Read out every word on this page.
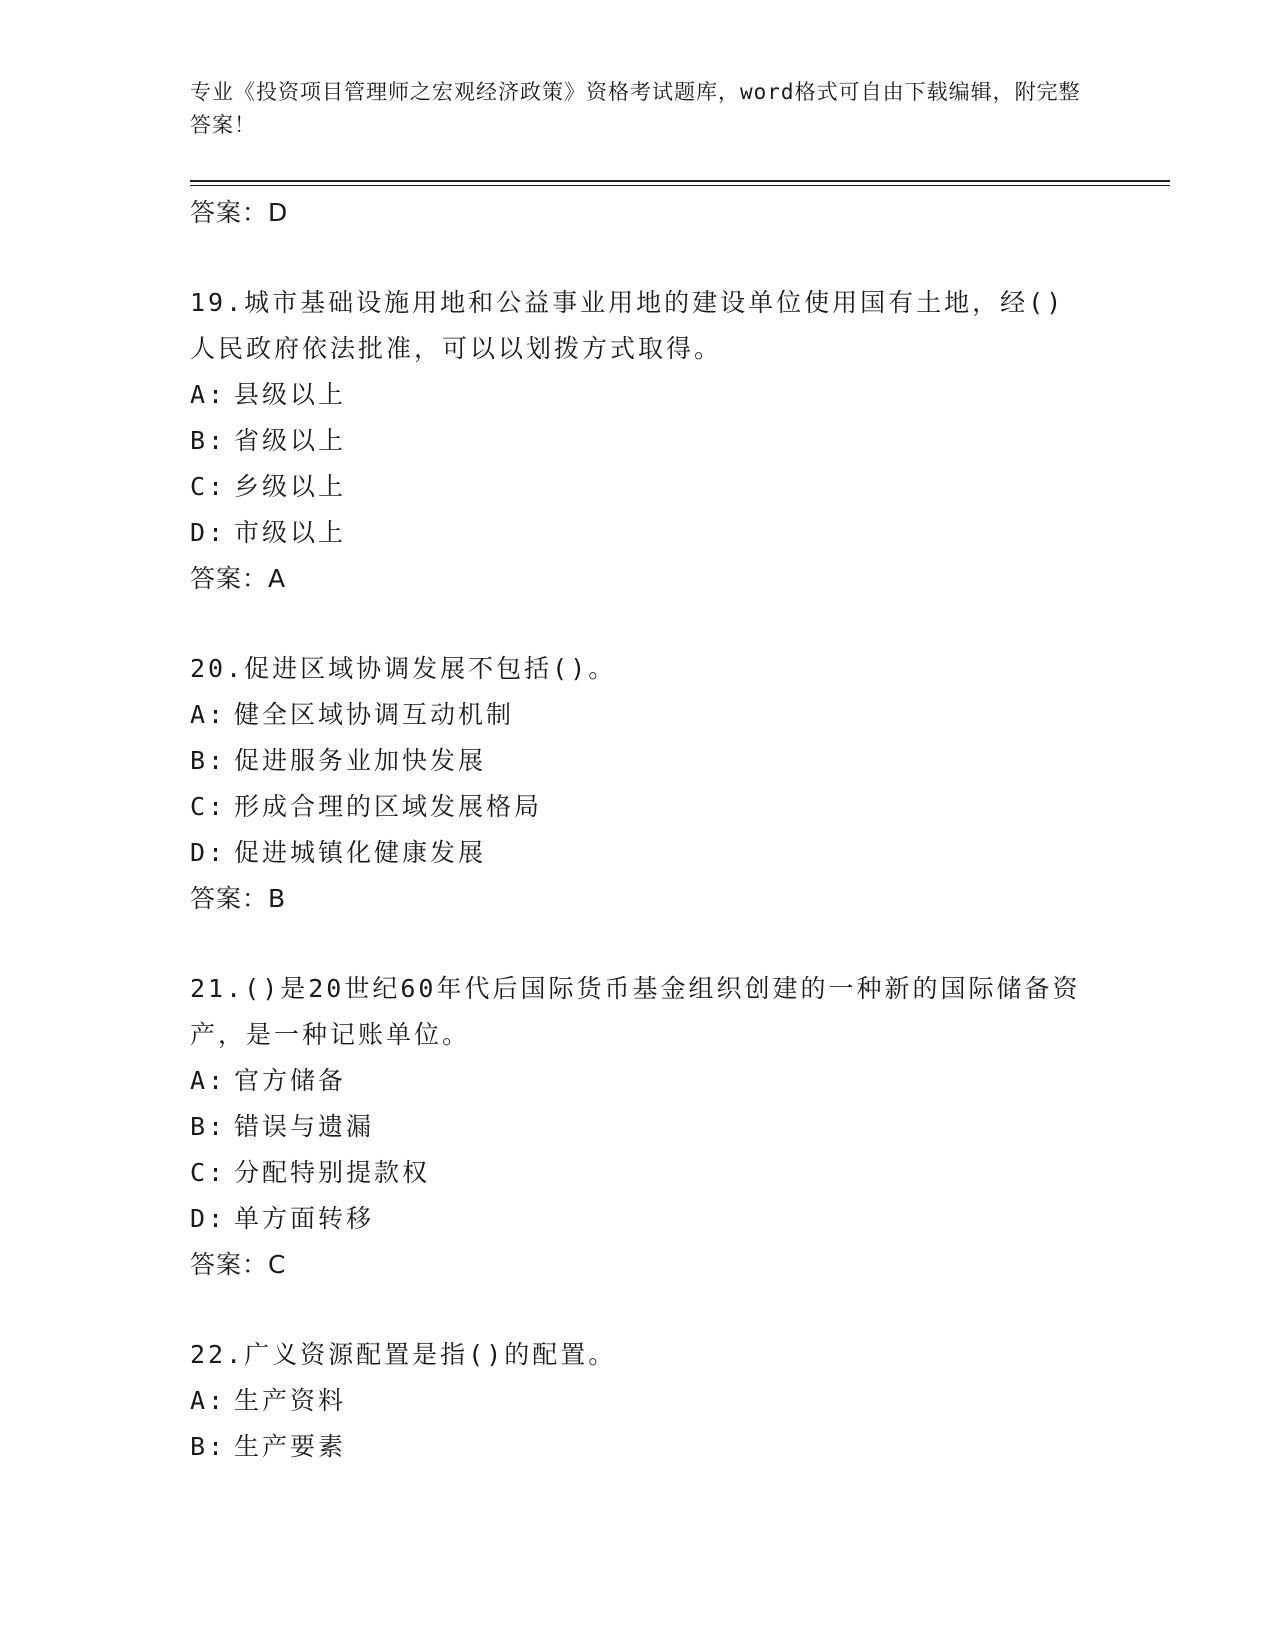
专业《投资项目管理师之宏观经济政策》资格考试题库，word格式可自由下载编辑，附完整答案！
答案：D

19.城市基础设施用地和公益事业用地的建设单位使用国有土地，经()人民政府依法批准，可以以划拨方式取得。

A: 县级以上
B: 省级以上
C: 乡级以上
D: 市级以上
答案：A

20.促进区域协调发展不包括()。

A: 健全区域协调互动机制
B: 促进服务业加快发展
C: 形成合理的区域发展格局
D: 促进城镇化健康发展
答案：B

21.()是20世纪60年代后国际货币基金组织创建的一种新的国际储备资产，是一种记账单位。

A: 官方储备
B: 错误与遗漏
C: 分配特别提款权
D: 单方面转移
答案：C

22.广义资源配置是指()的配置。

A: 生产资料
B: 生产要素
